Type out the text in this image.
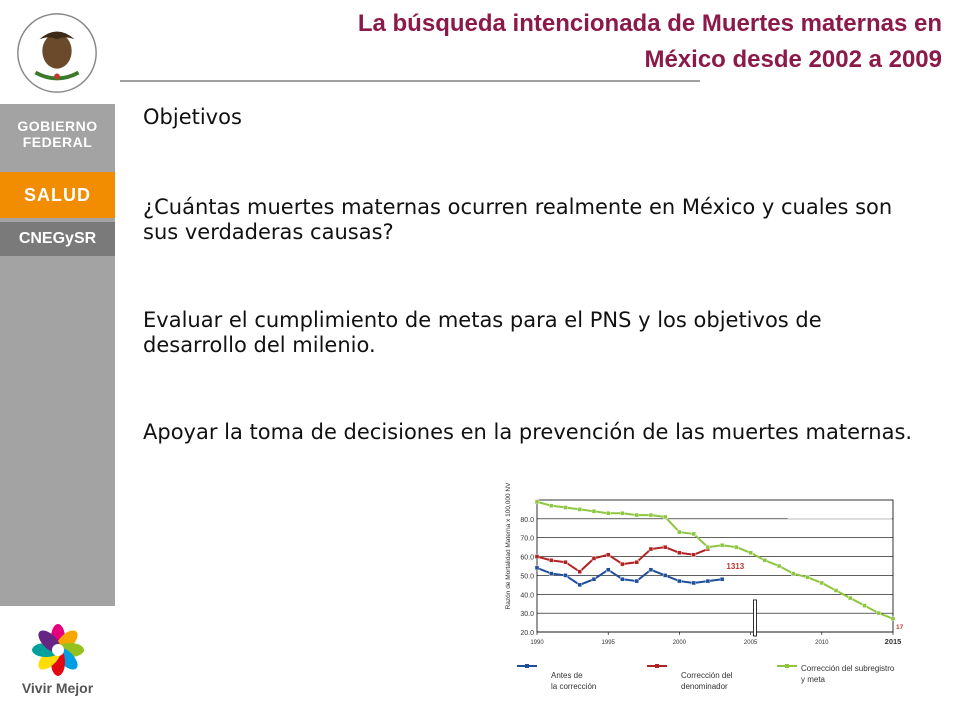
GOBIERNO
FEDERAL
SALUD
CNEGySR
Vivir Mejor
La búsqueda intencionada de Muertes maternas en
México desde 2002 a 2009

Objetivos

¿Cuántas muertes maternas ocurren realmente en México y cuales son sus verdaderas causas?

Evaluar el cumplimiento de metas para el PNS y los objetivos de desarrollo del milenio.

Apoyar la toma de decisiones en la prevención de las muertes maternas.

20.0
30.0
40.0
50.0
60.0
70.0
80.0
1990	1995	2000	2005	2010	2015
Razón de Mortalidad Materna x 100,000 NV	1313
17
Antes de la corrección
Corrección del denominador
Corrección del subregistro y meta
